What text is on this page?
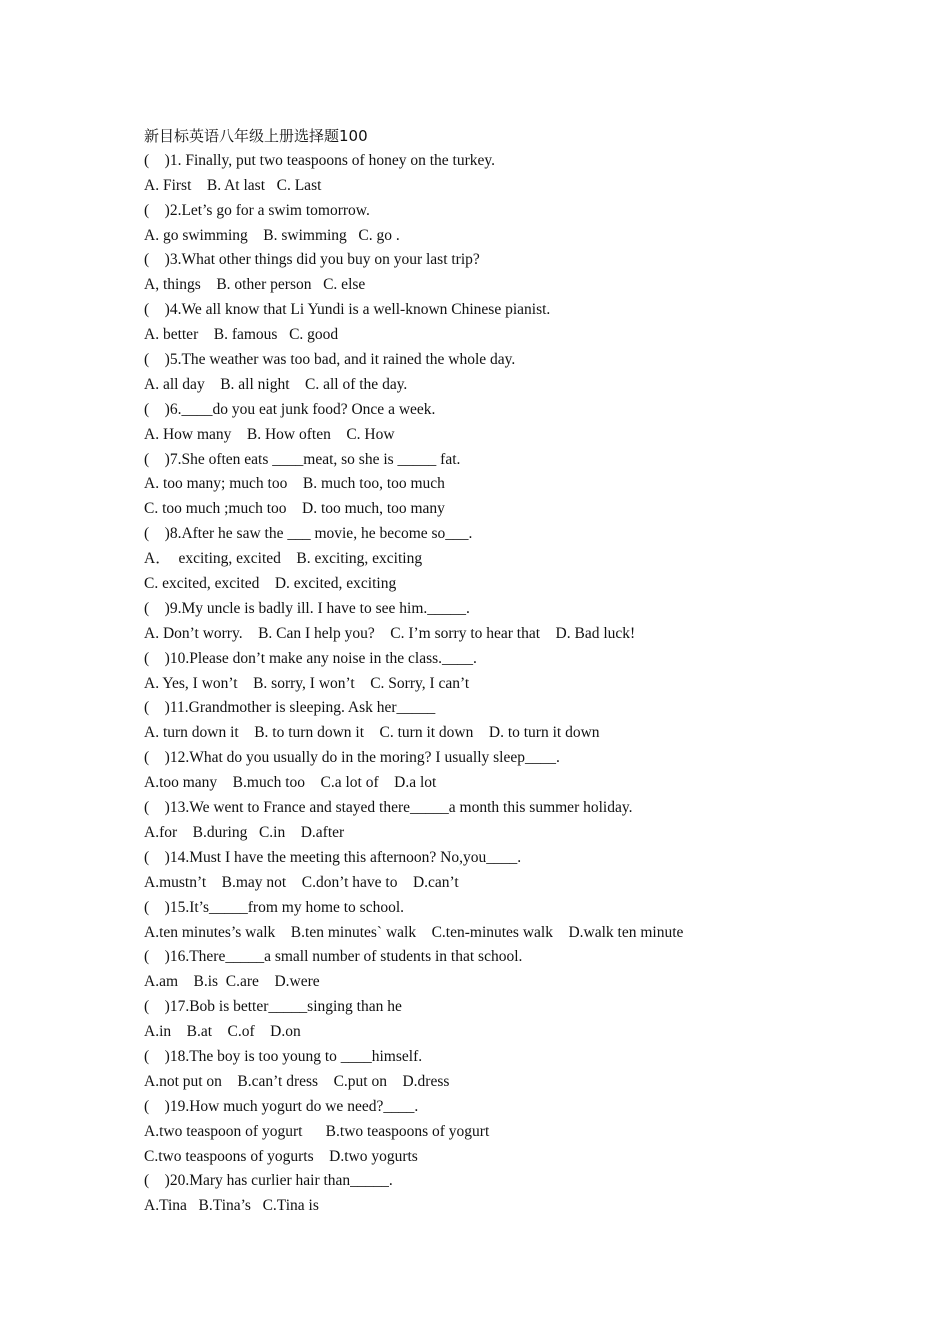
新目标英语八年级上册选择题100
(    )1. Finally, put two teaspoons of honey on the turkey.
A. First    B. At last   C. Last
(    )2.Let’s go for a swim tomorrow.
A. go swimming    B. swimming   C. go .
(    )3.What other things did you buy on your last trip?
A, things    B. other person   C. else
(    )4.We all know that Li Yundi is a well-known Chinese pianist.
A. better    B. famous   C. good
(    )5.The weather was too bad, and it rained the whole day.
A. all day    B. all night    C. all of the day.
(    )6.____do you eat junk food? Once a week.
A. How many    B. How often    C. How
(    )7.She often eats ____meat, so she is _____ fat.
A. too many; much too    B. much too, too much
C. too much ;much too    D. too much, too many
(    )8.After he saw the ___ movie, he become so___.
A．  exciting, excited    B. exciting, exciting
C. excited, excited    D. excited, exciting
(    )9.My uncle is badly ill. I have to see him._____.
A. Don’t worry.    B. Can I help you?    C. I’m sorry to hear that    D. Bad luck!
(    )10.Please don’t make any noise in the class.____.
A. Yes, I won’t    B. sorry, I won’t    C. Sorry, I can’t
(    )11.Grandmother is sleeping. Ask her_____
A. turn down it    B. to turn down it    C. turn it down    D. to turn it down
(    )12.What do you usually do in the moring? I usually sleep____.
A.too many    B.much too    C.a lot of    D.a lot
(    )13.We went to France and stayed there_____a month this summer holiday.
A.for    B.during   C.in    D.after
(    )14.Must I have the meeting this afternoon? No,you____.
A.mustn’t    B.may not    C.don’t have to    D.can’t
(    )15.It’s_____from my home to school.
A.ten minutes’s walk    B.ten minutes` walk    C.ten-minutes walk    D.walk ten minute
(    )16.There_____a small number of students in that school.
A.am    B.is  C.are    D.were
(    )17.Bob is better_____singing than he
A.in    B.at    C.of    D.on
(    )18.The boy is too young to ____himself.
A.not put on    B.can’t dress    C.put on    D.dress
(    )19.How much yogurt do we need?____.
A.two teaspoon of yogurt      B.two teaspoons of yogurt
C.two teaspoons of yogurts    D.two yogurts
(    )20.Mary has curlier hair than_____.
A.Tina   B.Tina’s   C.Tina is
